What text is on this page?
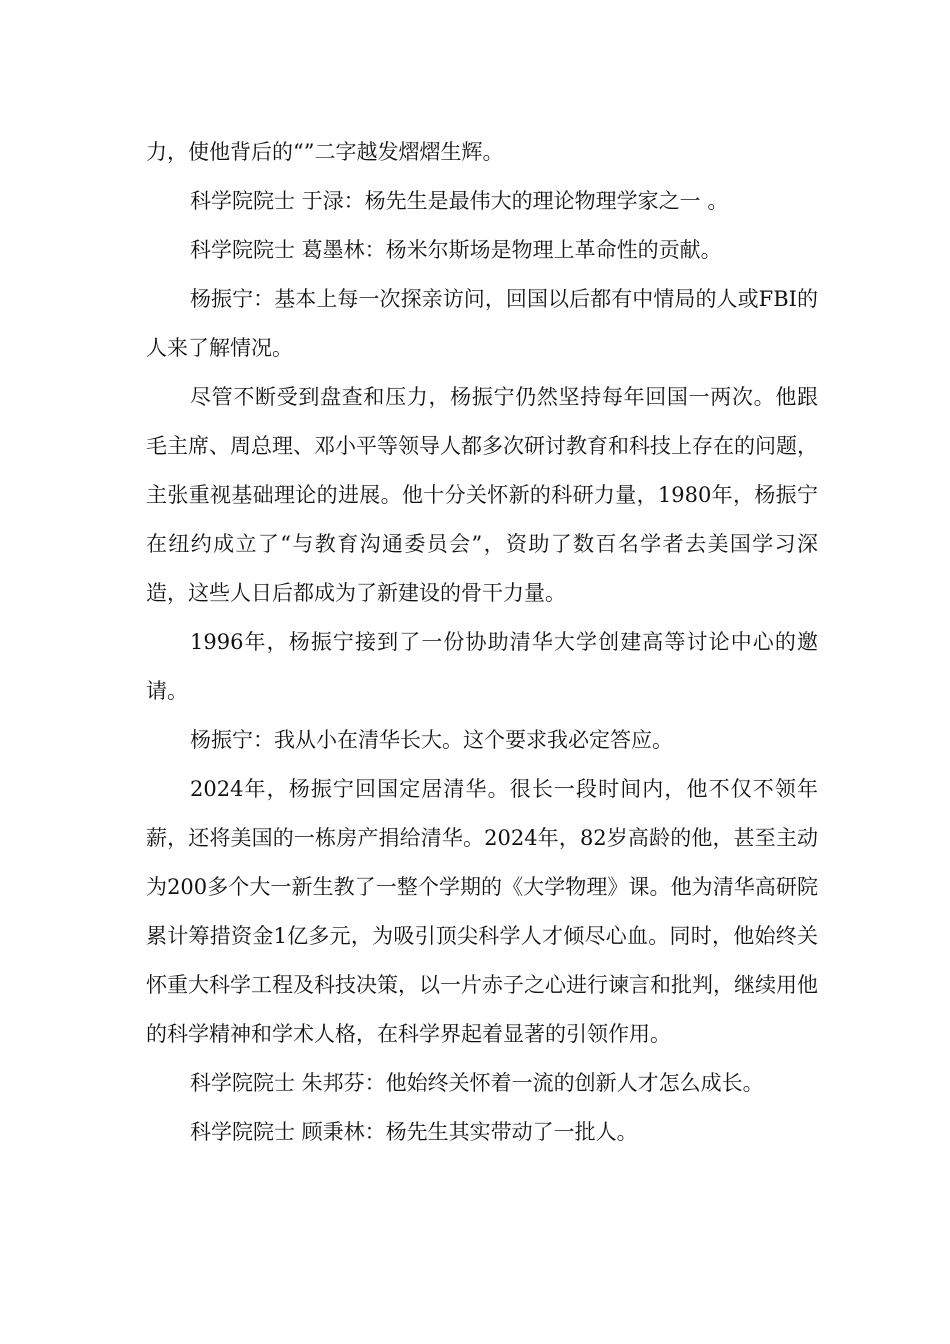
力，使他背后的“”二字越发熠熠生辉。

科学院院士 于渌：杨先生是最伟大的理论物理学家之一 。

科学院院士 葛墨林：杨米尔斯场是物理上革命性的贡献。

杨振宁：基本上每一次探亲访问，回国以后都有中情局的人或FBI的人来了解情况。

尽管不断受到盘查和压力，杨振宁仍然坚持每年回国一两次。他跟毛主席、周总理、邓小平等领导人都多次研讨教育和科技上存在的问题，主张重视基础理论的进展。他十分关怀新的科研力量，1980年，杨振宁在纽约成立了“与教育沟通委员会”，资助了数百名学者去美国学习深造，这些人日后都成为了新建设的骨干力量。

1996年，杨振宁接到了一份协助清华大学创建高等讨论中心的邀请。

杨振宁：我从小在清华长大。这个要求我必定答应。

2024年，杨振宁回国定居清华。很长一段时间内，他不仅不领年薪，还将美国的一栋房产捐给清华。2024年，82岁高龄的他，甚至主动为200多个大一新生教了一整个学期的《大学物理》课。他为清华高研院累计筹措资金1亿多元，为吸引顶尖科学人才倾尽心血。同时，他始终关怀重大科学工程及科技决策，以一片赤子之心进行谏言和批判，继续用他的科学精神和学术人格，在科学界起着显著的引领作用。

科学院院士 朱邦芬：他始终关怀着一流的创新人才怎么成长。

科学院院士 顾秉林：杨先生其实带动了一批人。
